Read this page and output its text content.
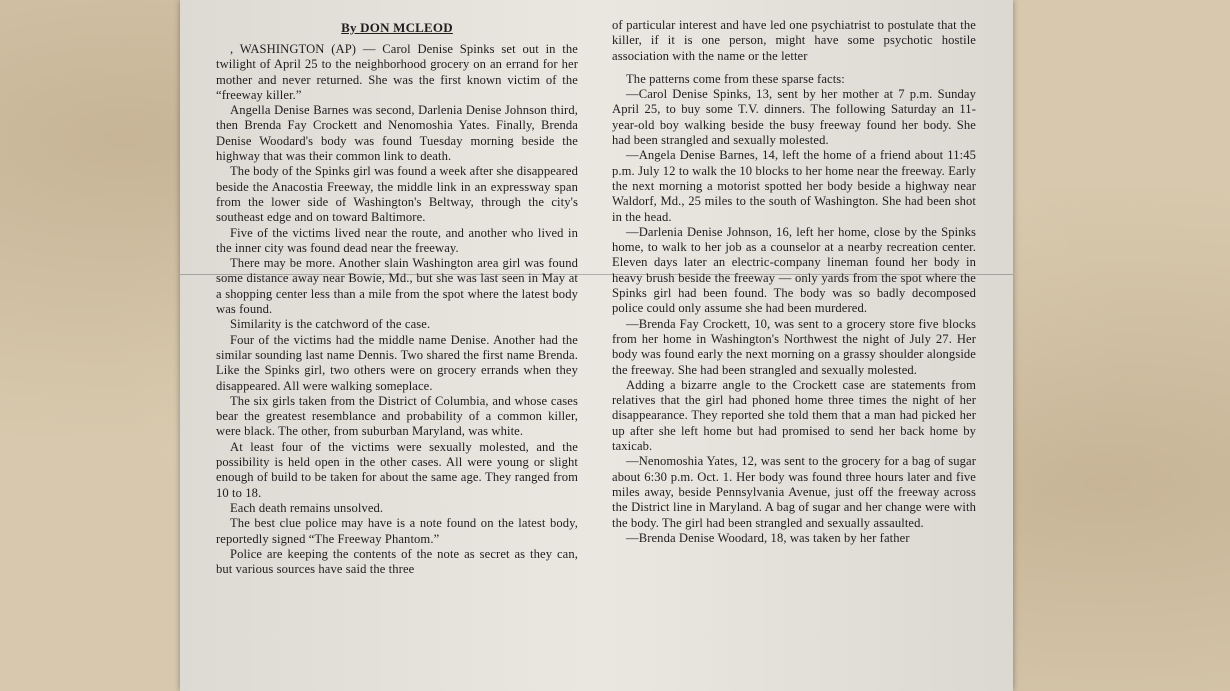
By DON MCLEOD

, WASHINGTON (AP) — Carol Denise Spinks set out in the twilight of April 25 to the neighborhood grocery on an errand for her mother and never returned. She was the first known victim of the “freeway killer.”

Angella Denise Barnes was second, Darlenia Denise Johnson third, then Brenda Fay Crockett and Nenomoshia Yates. Finally, Brenda Denise Woodard's body was found Tuesday morning beside the highway that was their common link to death.

The body of the Spinks girl was found a week after she disappeared beside the Anacostia Freeway, the middle link in an expressway span from the lower side of Washington's Beltway, through the city's southeast edge and on toward Baltimore.

Five of the victims lived near the route, and another who lived in the inner city was found dead near the freeway.

There may be more. Another slain Washington area girl was found some distance away near Bowie, Md., but she was last seen in May at a shopping center less than a mile from the spot where the latest body was found.

Similarity is the catchword of the case.

Four of the victims had the middle name Denise. Another had the similar sounding last name Dennis. Two shared the first name Brenda. Like the Spinks girl, two others were on grocery errands when they disappeared. All were walking someplace.

The six girls taken from the District of Columbia, and whose cases bear the greatest resemblance and probability of a common killer, were black. The other, from suburban Maryland, was white.

At least four of the victims were sexually molested, and the possibility is held open in the other cases. All were young or slight enough of build to be taken for about the same age. They ranged from 10 to 18.

Each death remains unsolved.

The best clue police may have is a note found on the latest body, reportedly signed “The Freeway Phantom.”

Police are keeping the contents of the note as secret as they can, but various sources have said the three

of particular interest and have led one psychiatrist to postulate that the killer, if it is one person, might have some psychotic hostile association with the name or the letter

The patterns come from these sparse facts:

—Carol Denise Spinks, 13, sent by her mother at 7 p.m. Sunday April 25, to buy some T.V. dinners. The following Saturday an 11-year-old boy walking beside the busy freeway found her body. She had been strangled and sexually molested.

—Angela Denise Barnes, 14, left the home of a friend about 11:45 p.m. July 12 to walk the 10 blocks to her home near the freeway. Early the next morning a motorist spotted her body beside a highway near Waldorf, Md., 25 miles to the south of Washington. She had been shot in the head.

—Darlenia Denise Johnson, 16, left her home, close by the Spinks home, to walk to her job as a counselor at a nearby recreation center. Eleven days later an electric-company lineman found her body in heavy brush beside the freeway — only yards from the spot where the Spinks girl had been found. The body was so badly decomposed police could only assume she had been murdered.

—Brenda Fay Crockett, 10, was sent to a grocery store five blocks from her home in Washington's Northwest the night of July 27. Her body was found early the next morning on a grassy shoulder alongside the freeway. She had been strangled and sexually molested.

Adding a bizarre angle to the Crockett case are statements from relatives that the girl had phoned home three times the night of her disappearance. They reported she told them that a man had picked her up after she left home but had promised to send her back home by taxicab.

—Nenomoshia Yates, 12, was sent to the grocery for a bag of sugar about 6:30 p.m. Oct. 1. Her body was found three hours later and five miles away, beside Pennsylvania Avenue, just off the freeway across the District line in Maryland. A bag of sugar and her change were with the body. The girl had been strangled and sexually assaulted.

—Brenda Denise Woodard, 18, was taken by her father
